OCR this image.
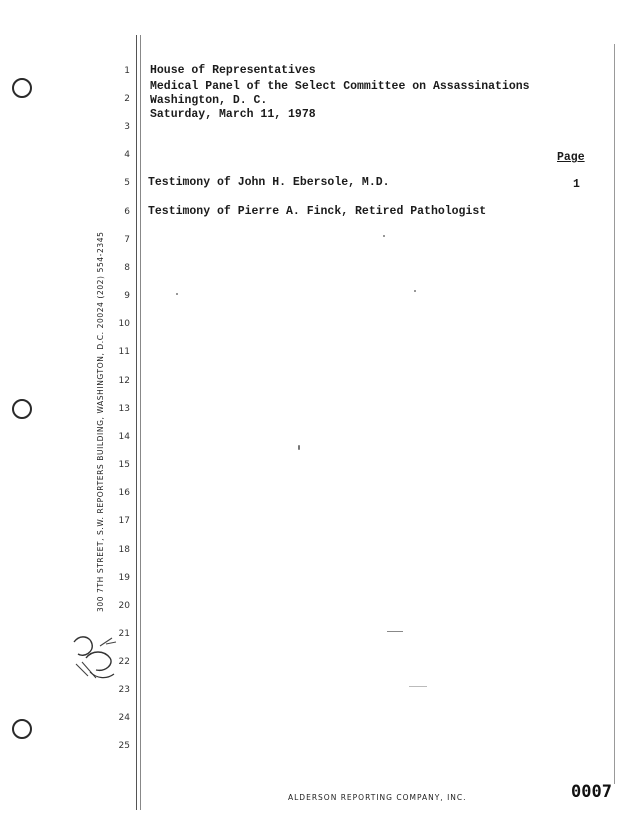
300 7TH STREET, S.W. REPORTERS BUILDING, WASHINGTON, D.C. 20024 (202) 554-2345
1
2
3
4
5
6
7
8
9
10
11
12
13
14
15
16
17
18
19
20
21
22
23
24
25
House of Representatives
Medical Panel of the Select Committee on Assassinations
Washington, D. C.
Saturday, March 11, 1978
Page
Testimony of John H. Ebersole, M.D.	1
Testimony of Pierre A. Finck, Retired Pathologist
ALDERSON REPORTING COMPANY, INC.	0007
